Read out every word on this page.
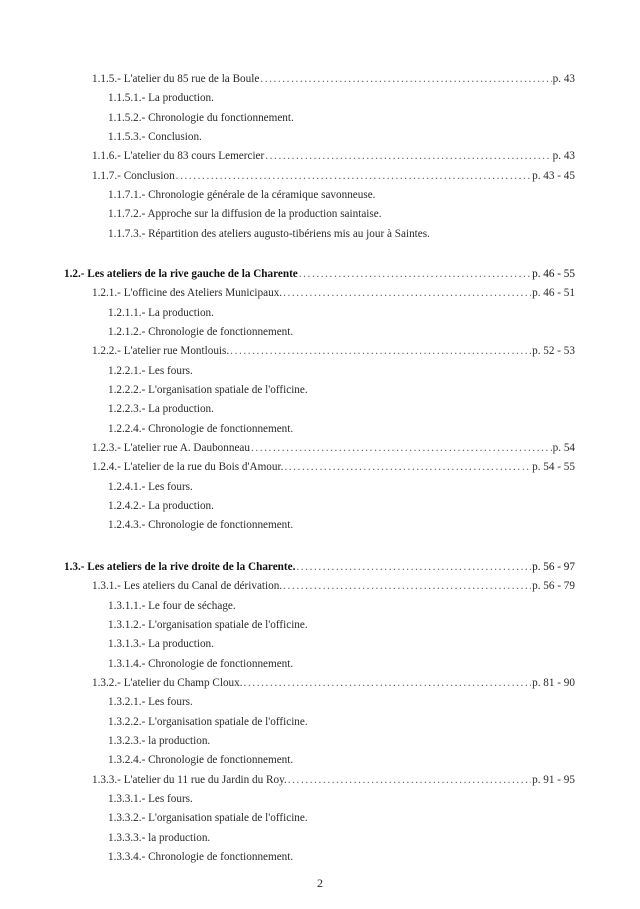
1.1.5.- L'atelier du 85 rue de la Boule .....	p. 43
1.1.5.1.- La production.
1.1.5.2.- Chronologie du fonctionnement.
1.1.5.3.- Conclusion.
1.1.6.- L'atelier du 83 cours Lemercier .....	p. 43
1.1.7.- Conclusion .....	p. 43 - 45
1.1.7.1.- Chronologie générale de la céramique savonneuse.
1.1.7.2.- Approche sur la diffusion de la production saintaise.
1.1.7.3.- Répartition des ateliers augusto-tibériens mis au jour à Saintes.
1.2.- Les ateliers de la rive gauche de la Charente .....	p. 46 - 55
1.2.1.- L'officine des Ateliers Municipaux. .....	p. 46 - 51
1.2.1.1.- La production.
1.2.1.2.- Chronologie de fonctionnement.
1.2.2.- L'atelier rue Montlouis. .....	p. 52 - 53
1.2.2.1.- Les fours.
1.2.2.2.- L'organisation spatiale de l'officine.
1.2.2.3.- La production.
1.2.2.4.- Chronologie de fonctionnement.
1.2.3.- L'atelier rue A. Daubonneau .....	p. 54
1.2.4.- L'atelier de la rue du Bois d'Amour. .....	p. 54 - 55
1.2.4.1.- Les fours.
1.2.4.2.- La production.
1.2.4.3.- Chronologie de fonctionnement.
1.3.- Les ateliers de la rive droite de la Charente. .....	p. 56 - 97
1.3.1.- Les ateliers du Canal de dérivation. .....	p. 56 - 79
1.3.1.1.- Le four de séchage.
1.3.1.2.- L'organisation spatiale de l'officine.
1.3.1.3.- La production.
1.3.1.4.- Chronologie de fonctionnement.
1.3.2.- L'atelier du Champ Cloux. .....	p. 81 - 90
1.3.2.1.- Les fours.
1.3.2.2.- L'organisation spatiale de l'officine.
1.3.2.3.- la production.
1.3.2.4.- Chronologie de fonctionnement.
1.3.3.- L'atelier du 11 rue du Jardin du Roy. .....	p. 91 - 95
1.3.3.1.- Les fours.
1.3.3.2.- L'organisation spatiale de l'officine.
1.3.3.3.- la production.
1.3.3.4.- Chronologie de fonctionnement.
2
